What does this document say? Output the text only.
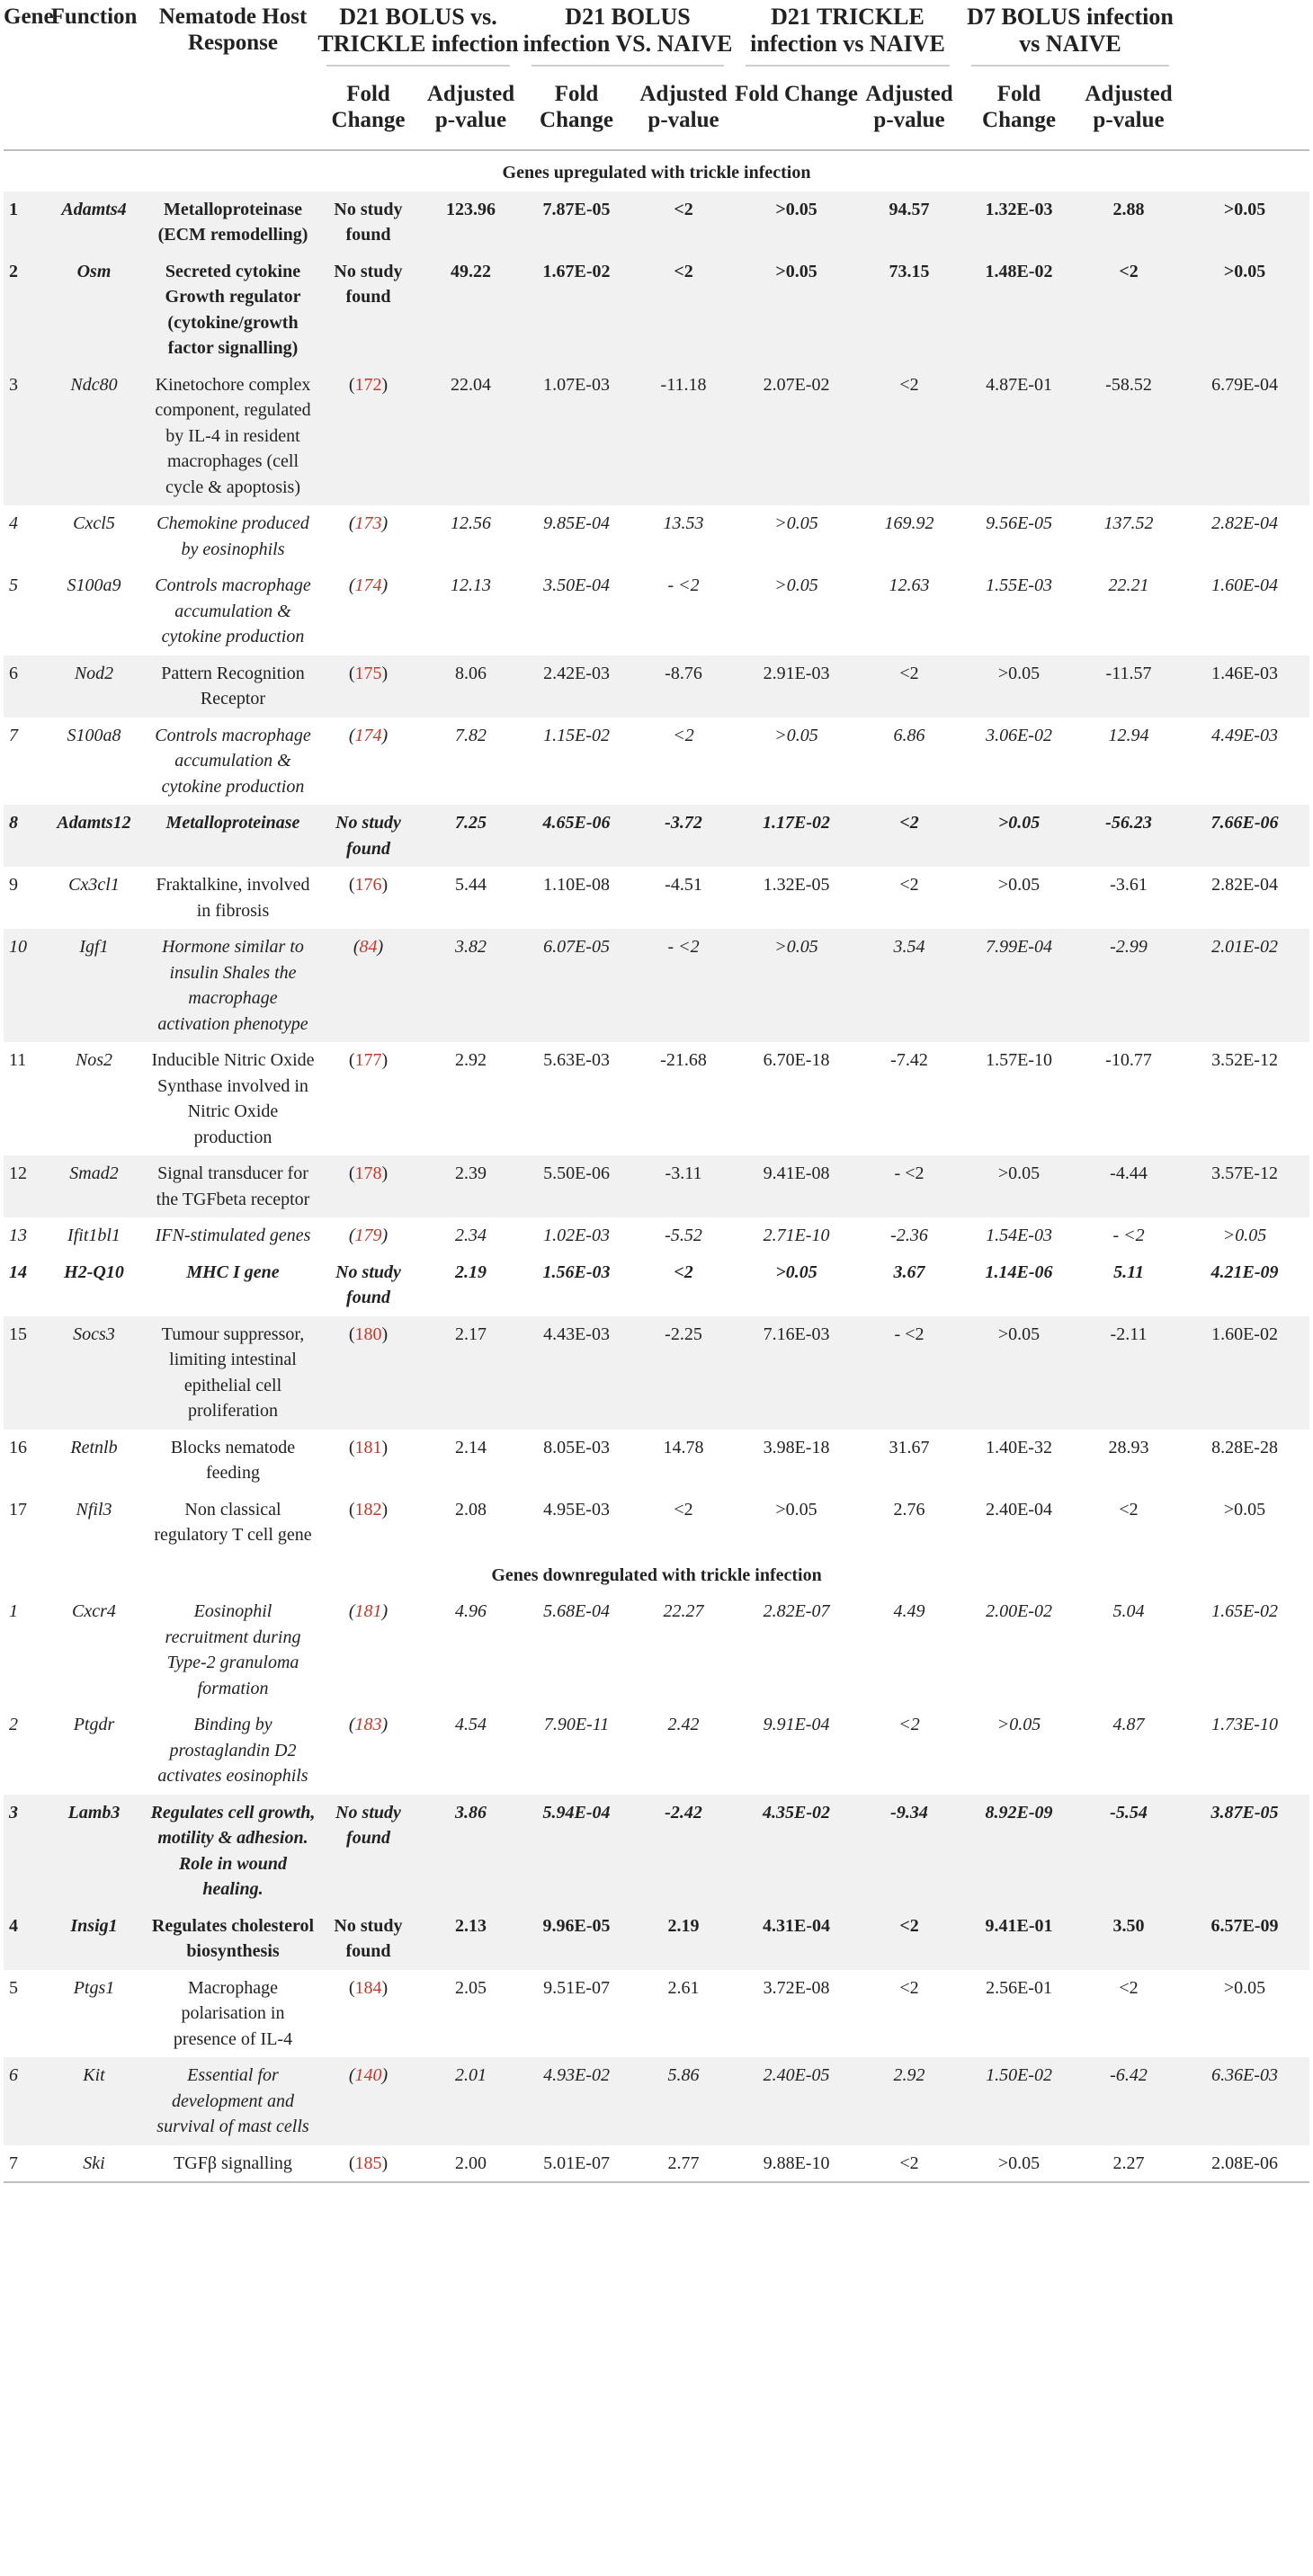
Gene	Function	Nematode Host Response	D21 BOLUS vs. TRICKLE infection		D21 BOLUS infection VS. NAIVE		D21 TRICKLE infection vs NAIVE		D7 BOLUS infection vs NAIVE		

			Fold Change	Adjusted p-value	Fold Change	Adjusted p-value	Fold Change	Adjusted p-value	Fold Change	Adjusted p-value	

Genes upregulated with trickle infection											
1	Adamts4	Metalloproteinase (ECM remodelling)	No study found	123.96	7.87E-05	<2	>0.05	94.57	1.32E-03	2.88	>0.05
2	Osm	Secreted cytokine Growth regulator (cytokine/growth factor signalling)	No study found	49.22	1.67E-02	<2	>0.05	73.15	1.48E-02	<2	>0.05
3	Ndc80	Kinetochore complex component, regulated by IL-4 in resident macrophages (cell cycle & apoptosis)	(172)	22.04	1.07E-03	-11.18	2.07E-02	<2	4.87E-01	-58.52	6.79E-04
4	Cxcl5	Chemokine produced by eosinophils	(173)	12.56	9.85E-04	13.53	>0.05	169.92	9.56E-05	137.52	2.82E-04
5	S100a9	Controls macrophage accumulation & cytokine production	(174)	12.13	3.50E-04	- <2	>0.05	12.63	1.55E-03	22.21	1.60E-04
6	Nod2	Pattern Recognition Receptor	(175)	8.06	2.42E-03	-8.76	2.91E-03	<2	>0.05	-11.57	1.46E-03
7	S100a8	Controls macrophage accumulation & cytokine production	(174)	7.82	1.15E-02	<2	>0.05	6.86	3.06E-02	12.94	4.49E-03
8	Adamts12	Metalloproteinase	No study found	7.25	4.65E-06	-3.72	1.17E-02	<2	>0.05	-56.23	7.66E-06
9	Cx3cl1	Fraktalkine, involved in fibrosis	(176)	5.44	1.10E-08	-4.51	1.32E-05	<2	>0.05	-3.61	2.82E-04
10	Igf1	Hormone similar to insulin Shales the macrophage activation phenotype	(84)	3.82	6.07E-05	- <2	>0.05	3.54	7.99E-04	-2.99	2.01E-02
11	Nos2	Inducible Nitric Oxide Synthase involved in Nitric Oxide production	(177)	2.92	5.63E-03	-21.68	6.70E-18	-7.42	1.57E-10	-10.77	3.52E-12
12	Smad2	Signal transducer for the TGFbeta receptor	(178)	2.39	5.50E-06	-3.11	9.41E-08	- <2	>0.05	-4.44	3.57E-12
13	Ifit1bl1	IFN-stimulated genes	(179)	2.34	1.02E-03	-5.52	2.71E-10	-2.36	1.54E-03	- <2	>0.05
14	H2-Q10	MHC I gene	No study found	2.19	1.56E-03	<2	>0.05	3.67	1.14E-06	5.11	4.21E-09
15	Socs3	Tumour suppressor, limiting intestinal epithelial cell proliferation	(180)	2.17	4.43E-03	-2.25	7.16E-03	- <2	>0.05	-2.11	1.60E-02
16	Retnlb	Blocks nematode feeding	(181)	2.14	8.05E-03	14.78	3.98E-18	31.67	1.40E-32	28.93	8.28E-28
17	Nfil3	Non classical regulatory T cell gene	(182)	2.08	4.95E-03	<2	>0.05	2.76	2.40E-04	<2	>0.05
Genes downregulated with trickle infection											
1	Cxcr4	Eosinophil recruitment during Type-2 granuloma formation	(181)	4.96	5.68E-04	22.27	2.82E-07	4.49	2.00E-02	5.04	1.65E-02
2	Ptgdr	Binding by prostaglandin D2 activates eosinophils	(183)	4.54	7.90E-11	2.42	9.91E-04	<2	>0.05	4.87	1.73E-10
3	Lamb3	Regulates cell growth, motility & adhesion. Role in wound healing.	No study found	3.86	5.94E-04	-2.42	4.35E-02	-9.34	8.92E-09	-5.54	3.87E-05
4	Insig1	Regulates cholesterol biosynthesis	No study found	2.13	9.96E-05	2.19	4.31E-04	<2	9.41E-01	3.50	6.57E-09
5	Ptgs1	Macrophage polarisation in presence of IL-4	(184)	2.05	9.51E-07	2.61	3.72E-08	<2	2.56E-01	<2	>0.05
6	Kit	Essential for development and survival of mast cells	(140)	2.01	4.93E-02	5.86	2.40E-05	2.92	1.50E-02	-6.42	6.36E-03
7	Ski	TGFβ signalling	(185)	2.00	5.01E-07	2.77	9.88E-10	<2	>0.05	2.27	2.08E-06
